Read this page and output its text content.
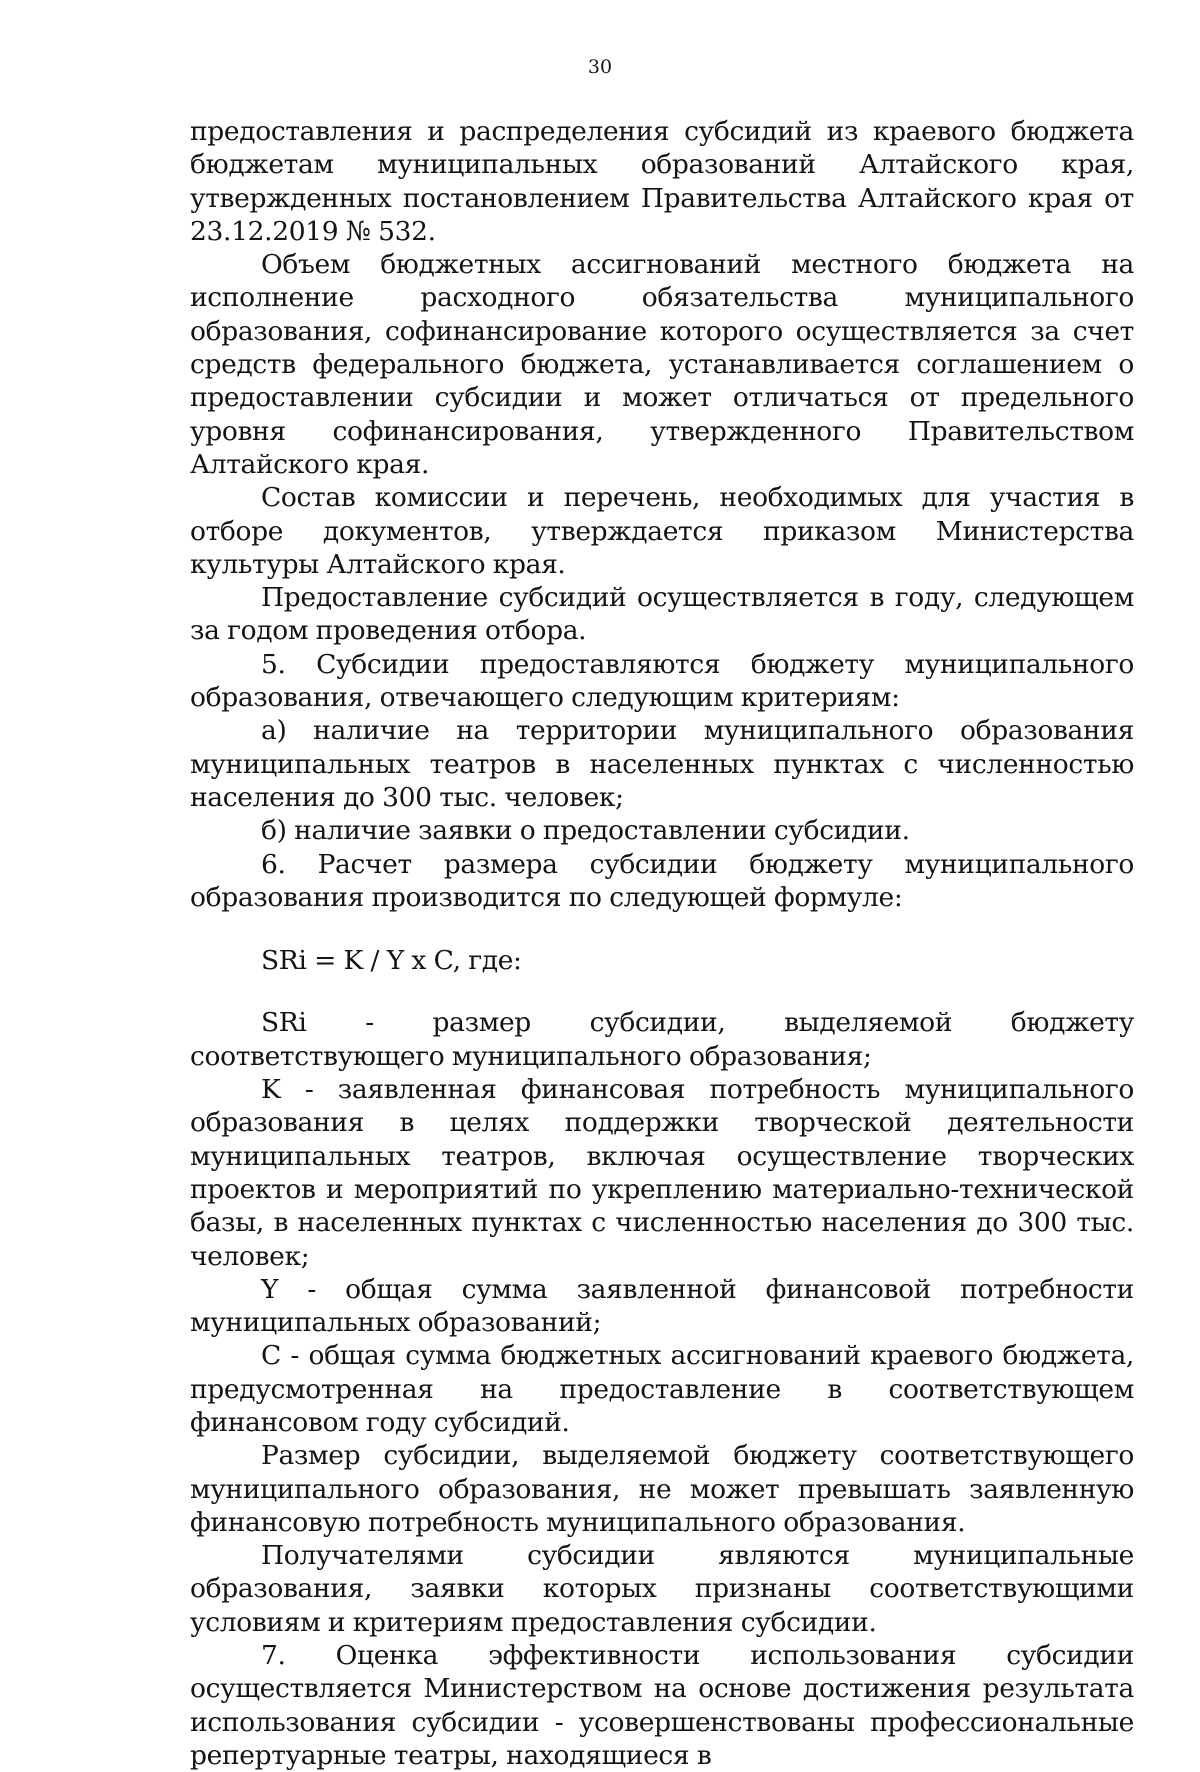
30

предоставления и распределения субсидий из краевого бюджета бюджетам муниципальных образований Алтайского края, утвержденных постановлением Правительства Алтайского края от 23.12.2019 № 532.

Объем бюджетных ассигнований местного бюджета на исполнение расходного обязательства муниципального образования, софинансирование которого осуществляется за счет средств федерального бюджета, устанавливается соглашением о предоставлении субсидии и может отличаться от предельного уровня софинансирования, утвержденного Правительством Алтайского края.

Состав комиссии и перечень, необходимых для участия в отборе документов, утверждается приказом Министерства культуры Алтайского края.

Предоставление субсидий осуществляется в году, следующем за годом проведения отбора.

5. Субсидии предоставляются бюджету муниципального образования, отвечающего следующим критериям:

а) наличие на территории муниципального образования муниципальных театров в населенных пунктах с численностью населения до 300 тыс. человек;

б) наличие заявки о предоставлении субсидии.

6. Расчет размера субсидии бюджету муниципального образования производится по следующей формуле:

SRi = K / Y x C, где:

SRi - размер субсидии, выделяемой бюджету соответствующего муниципального образования;

K - заявленная финансовая потребность муниципального образования в целях поддержки творческой деятельности муниципальных театров, включая осуществление творческих проектов и мероприятий по укреплению материально-технической базы, в населенных пунктах с численностью населения до 300 тыс. человек;

Y - общая сумма заявленной финансовой потребности муниципальных образований;

C - общая сумма бюджетных ассигнований краевого бюджета, предусмотренная на предоставление в соответствующем финансовом году субсидий.

Размер субсидии, выделяемой бюджету соответствующего муниципального образования, не может превышать заявленную финансовую потребность муниципального образования.

Получателями субсидии являются муниципальные образования, заявки которых признаны соответствующими условиям и критериям предоставления субсидии.

7. Оценка эффективности использования субсидии осуществляется Министерством на основе достижения результата использования субсидии - усовершенствованы профессиональные репертуарные театры, находящиеся в
